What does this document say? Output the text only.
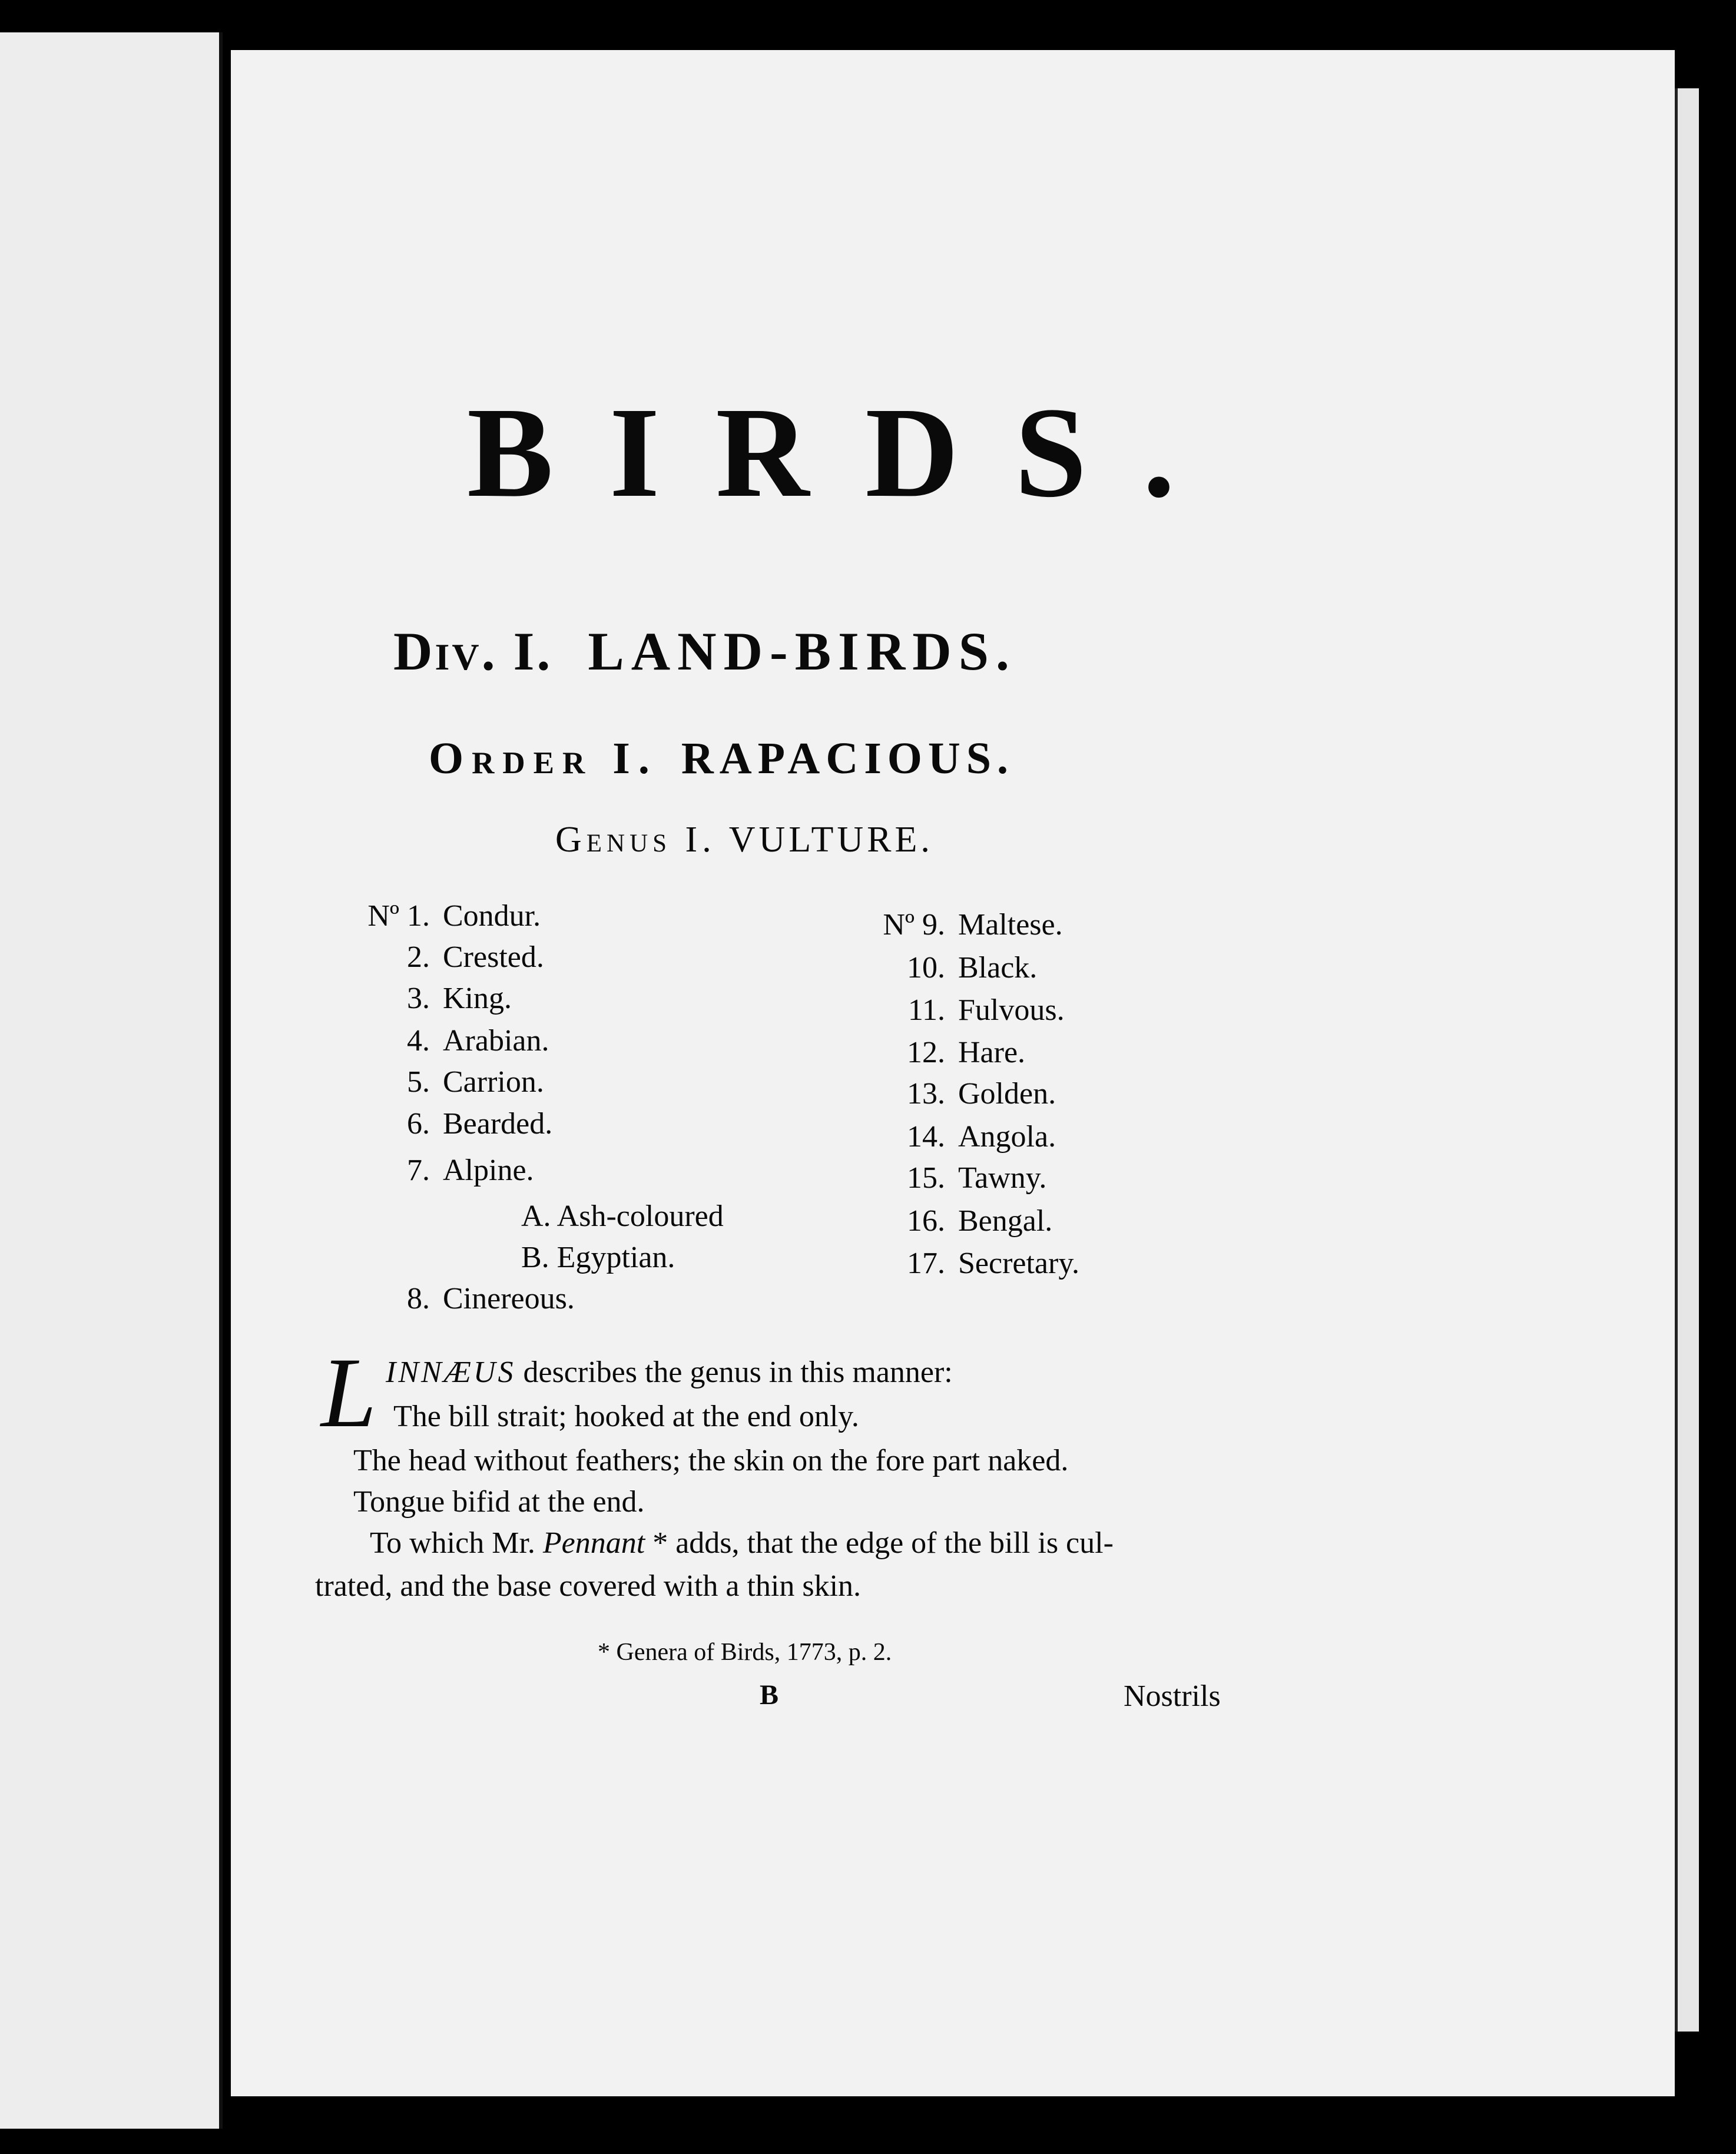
BIRDS.
Div. I. LAND-BIRDS.
Order I. RAPACIOUS.
Genus I. VULTURE.
Nº 1. Condur.
2. Crested.
3. King.
4. Arabian.
5. Carrion.
6. Bearded.
7. Alpine.
A. Ash-coloured
B. Egyptian.
8. Cinereous.
Nº 9. Maltese.
10. Black.
11. Fulvous.
12. Hare.
13. Golden.
14. Angola.
15. Tawny.
16. Bengal.
17. Secretary.
L INNÆUS describes the genus in this manner:
The bill strait; hooked at the end only.
The head without feathers; the skin on the fore part naked.
Tongue bifid at the end.
To which Mr. Pennant * adds, that the edge of the bill is cul-
trated, and the base covered with a thin skin.
* Genera of Birds, 1773, p. 2.
B	Nostrils
